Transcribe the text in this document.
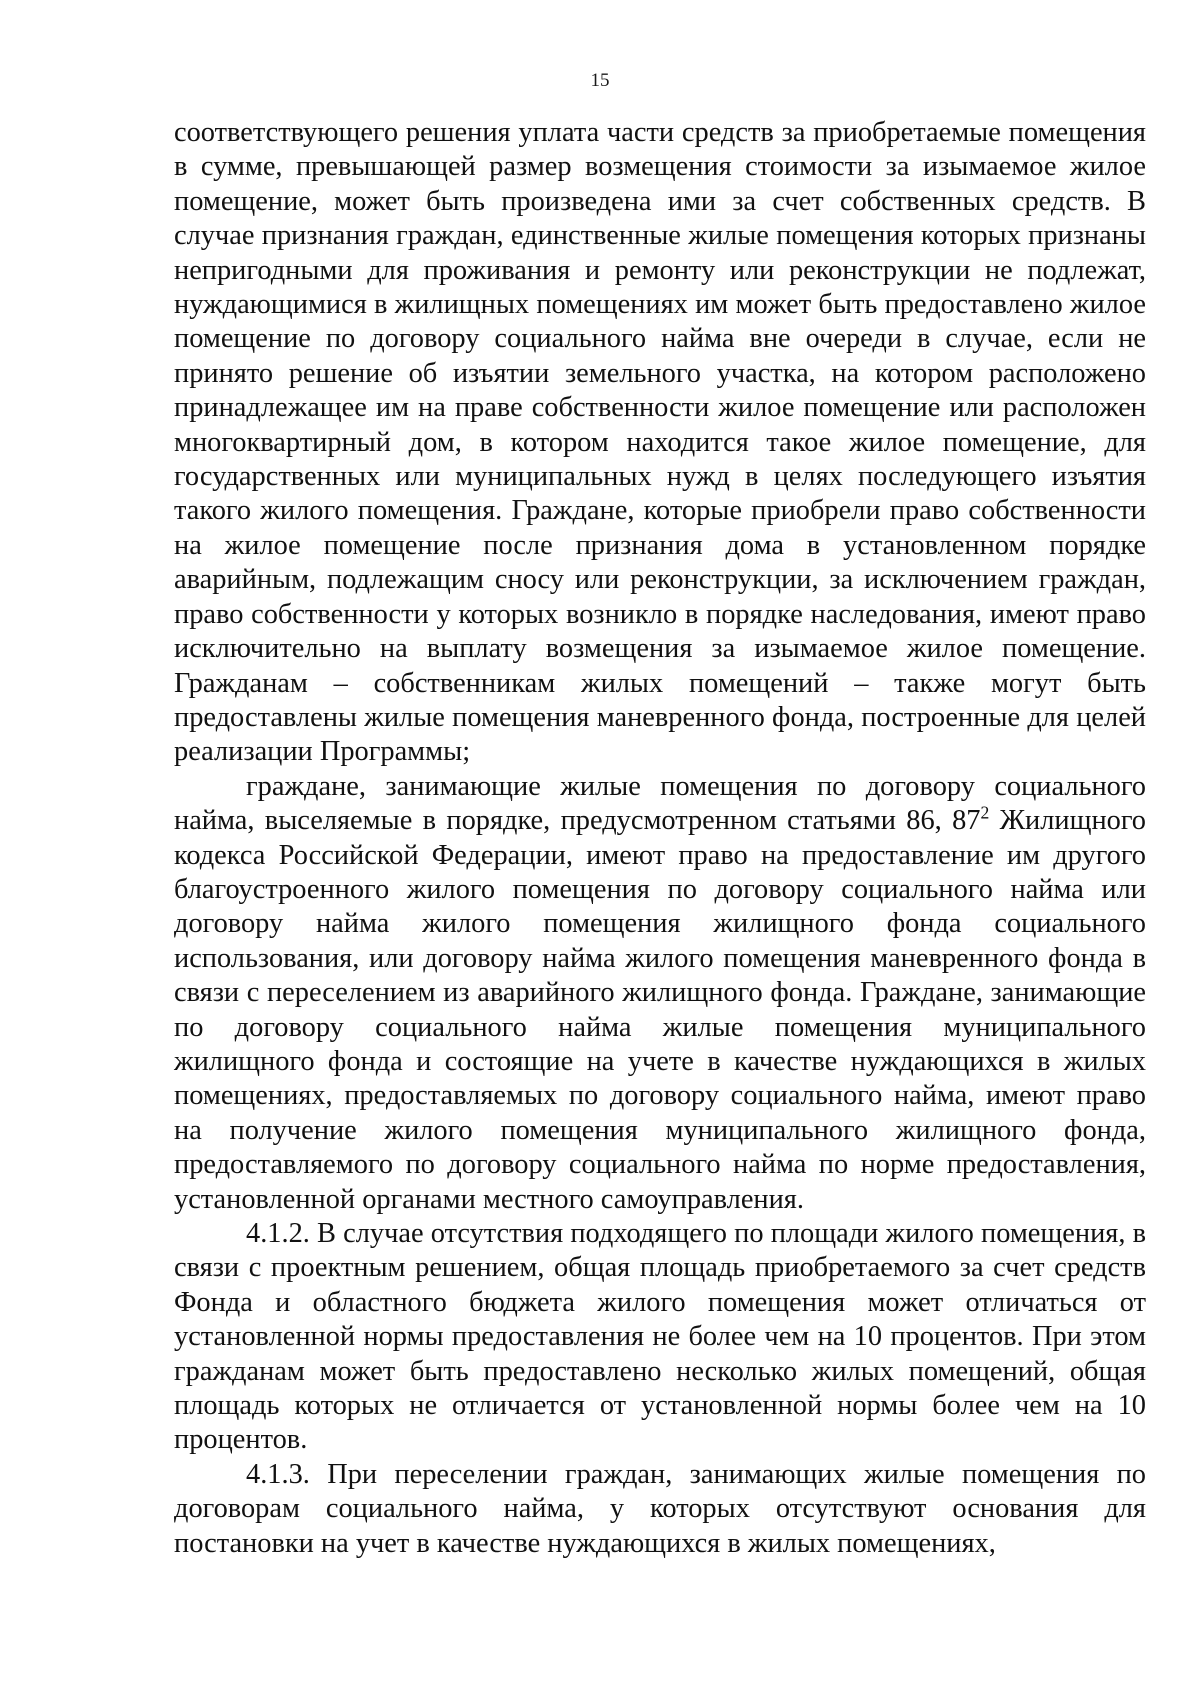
15

соответствующего решения уплата части средств за приобретаемые помещения в сумме, превышающей размер возмещения стоимости за изымаемое жилое помещение, может быть произведена ими за счет собственных средств. В случае признания граждан, единственные жилые помещения которых признаны непригодными для проживания и ремонту или реконструкции не подлежат, нуждающимися в жилищных помещениях им может быть предоставлено жилое помещение по договору социального найма вне очереди в случае, если не принято решение об изъятии земельного участка, на котором расположено принадлежащее им на праве собственности жилое помещение или расположен многоквартирный дом, в котором находится такое жилое помещение, для государственных или муниципальных нужд в целях последующего изъятия такого жилого помещения. Граждане, которые приобрели право собственности на жилое помещение после признания дома в установленном порядке аварийным, подлежащим сносу или реконструкции, за исключением граждан, право собственности у которых возникло в порядке наследования, имеют право исключительно на выплату возмещения за изымаемое жилое помещение. Гражданам – собственникам жилых помещений – также могут быть предоставлены жилые помещения маневренного фонда, построенные для целей реализации Программы;

граждане, занимающие жилые помещения по договору социального найма, выселяемые в порядке, предусмотренном статьями 86, $87^2$ Жилищного кодекса Российской Федерации, имеют право на предоставление им другого благоустроенного жилого помещения по договору социального найма или договору найма жилого помещения жилищного фонда социального использования, или договору найма жилого помещения маневренного фонда в связи с переселением из аварийного жилищного фонда. Граждане, занимающие по договору социального найма жилые помещения муниципального жилищного фонда и состоящие на учете в качестве нуждающихся в жилых помещениях, предоставляемых по договору социального найма, имеют право на получение жилого помещения муниципального жилищного фонда, предоставляемого по договору социального найма по норме предоставления, установленной органами местного самоуправления.

4.1.2. В случае отсутствия подходящего по площади жилого помещения, в связи с проектным решением, общая площадь приобретаемого за счет средств Фонда и областного бюджета жилого помещения может отличаться от установленной нормы предоставления не более чем на 10 процентов. При этом гражданам может быть предоставлено несколько жилых помещений, общая площадь которых не отличается от установленной нормы более чем на 10 процентов.

4.1.3. При переселении граждан, занимающих жилые помещения по договорам социального найма, у которых отсутствуют основания для постановки на учет в качестве нуждающихся в жилых помещениях,
